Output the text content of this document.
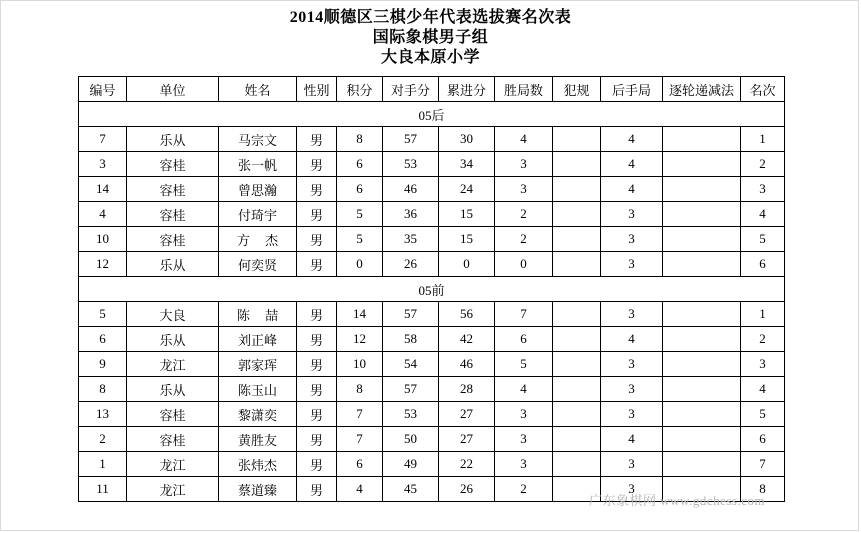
2014顺德区三棋少年代表选拔赛名次表
国际象棋男子组
大良本原小学
编号	单位	姓名	性别	积分	对手分	累进分	胜局数	犯规	后手局	逐轮递减法	名次
05后											
7	乐从	马宗文	男	8	57	30	4		4		1
3	容桂	张一帆	男	6	53	34	3		4		2
14	容桂	曾思瀚	男	6	46	24	3		4		3
4	容桂	付琦宇	男	5	36	15	2		3		4
10	容桂	方 杰	男	5	35	15	2		3		5
12	乐从	何奕贤	男	0	26	0	0		3		6
05前											
5	大良	陈 喆	男	14	57	56	7		3		1
6	乐从	刘正峰	男	12	58	42	6		4		2
9	龙江	郭家珲	男	10	54	46	5		3		3
8	乐从	陈玉山	男	8	57	28	4		3		4
13	容桂	黎潇奕	男	7	53	27	3		3		5
2	容桂	黄胜友	男	7	50	27	3		4		6
1	龙江	张炜杰	男	6	49	22	3		3		7
11	龙江	蔡道臻	男	4	45	26	2		3		8
广东象棋网 www.gdchess.com
